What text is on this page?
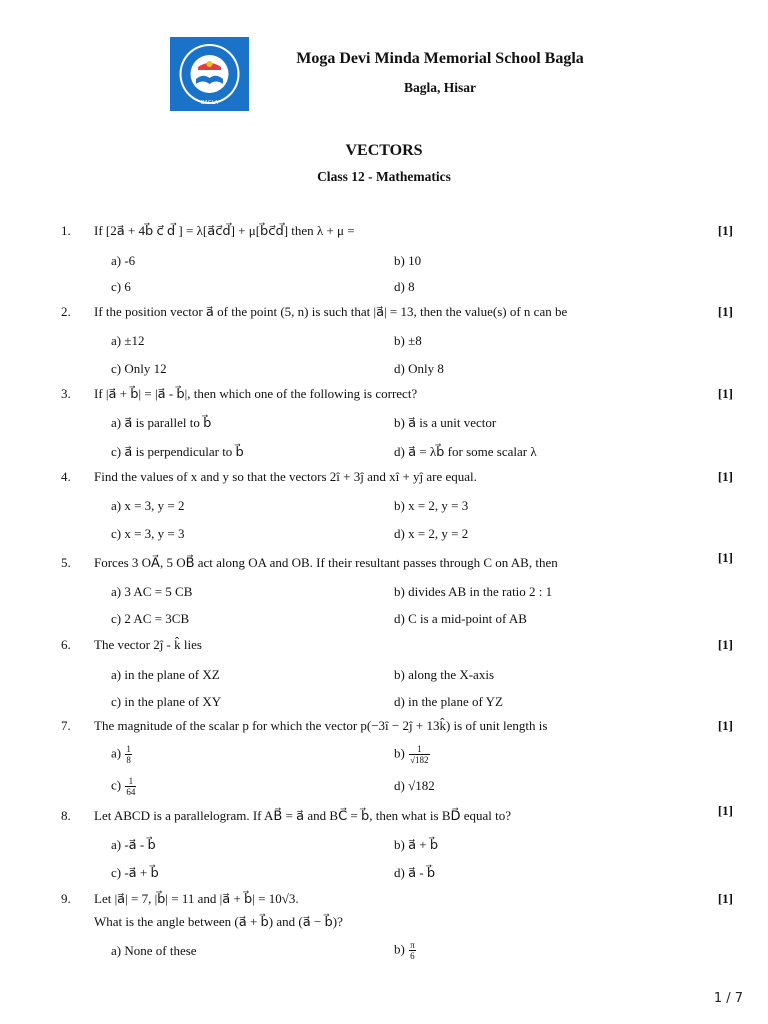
BAGLA
Moga Devi Minda Memorial School Bagla
Bagla, Hisar
VECTORS
Class 12 - Mathematics
1. If [2a⃗ + 4b⃗ c⃗ d⃗ ] = λ[a⃗c⃗d⃗] + μ[b⃗c⃗d⃗] then λ + μ =	[1]
a) -6	b) 10
c) 6	d) 8
2. If the position vector a⃗ of the point (5, n) is such that |a⃗| = 13, then the value(s) of n can be	[1]
a) ±12	b) ±8
c) Only 12	d) Only 8
3. If |a⃗ + b⃗| = |a⃗ - b⃗|, then which one of the following is correct?	[1]
a) a⃗ is parallel to b⃗	b) a⃗ is a unit vector
c) a⃗ is perpendicular to b⃗	d) a⃗ = λb⃗ for some scalar λ
4. Find the values of x and y so that the vectors 2î + 3ĵ and xî + yĵ are equal.	[1]
a) x = 3, y = 2	b) x = 2, y = 3
c) x = 3, y = 3	d) x = 2, y = 2
5. Forces 3 OA⃗, 5 OB⃗ act along OA and OB. If their resultant passes through C on AB, then	[1]
a) 3 AC = 5 CB	b) divides AB in the ratio 2 : 1
c) 2 AC = 3CB	d) C is a mid-point of AB
6. The vector 2ĵ - k̂ lies	[1]
a) in the plane of XZ	b) along the X-axis
c) in the plane of XY	d) in the plane of YZ
7. The magnitude of the scalar p for which the vector p(−3î − 2ĵ + 13k̂) is of unit length is	[1]
$a) \frac{1}{8}$	$b) \frac{1}{√182}$
$c) \frac{1}{64}$	d) √182
8. Let ABCD is a parallelogram. If AB⃗ = a⃗ and BC⃗ = b⃗, then what is BD⃗ equal to?	[1]
a) -a⃗ - b⃗	b) a⃗ + b⃗
c) -a⃗ + b⃗	d) a⃗ - b⃗
9. Let |a⃗| = 7, |b⃗| = 11 and |a⃗ + b⃗| = 10√3.
What is the angle between (a⃗ + b⃗) and (a⃗ − b⃗)?
[1]
a) None of these	$b) \frac{\pi}{6}$
1 / 7
